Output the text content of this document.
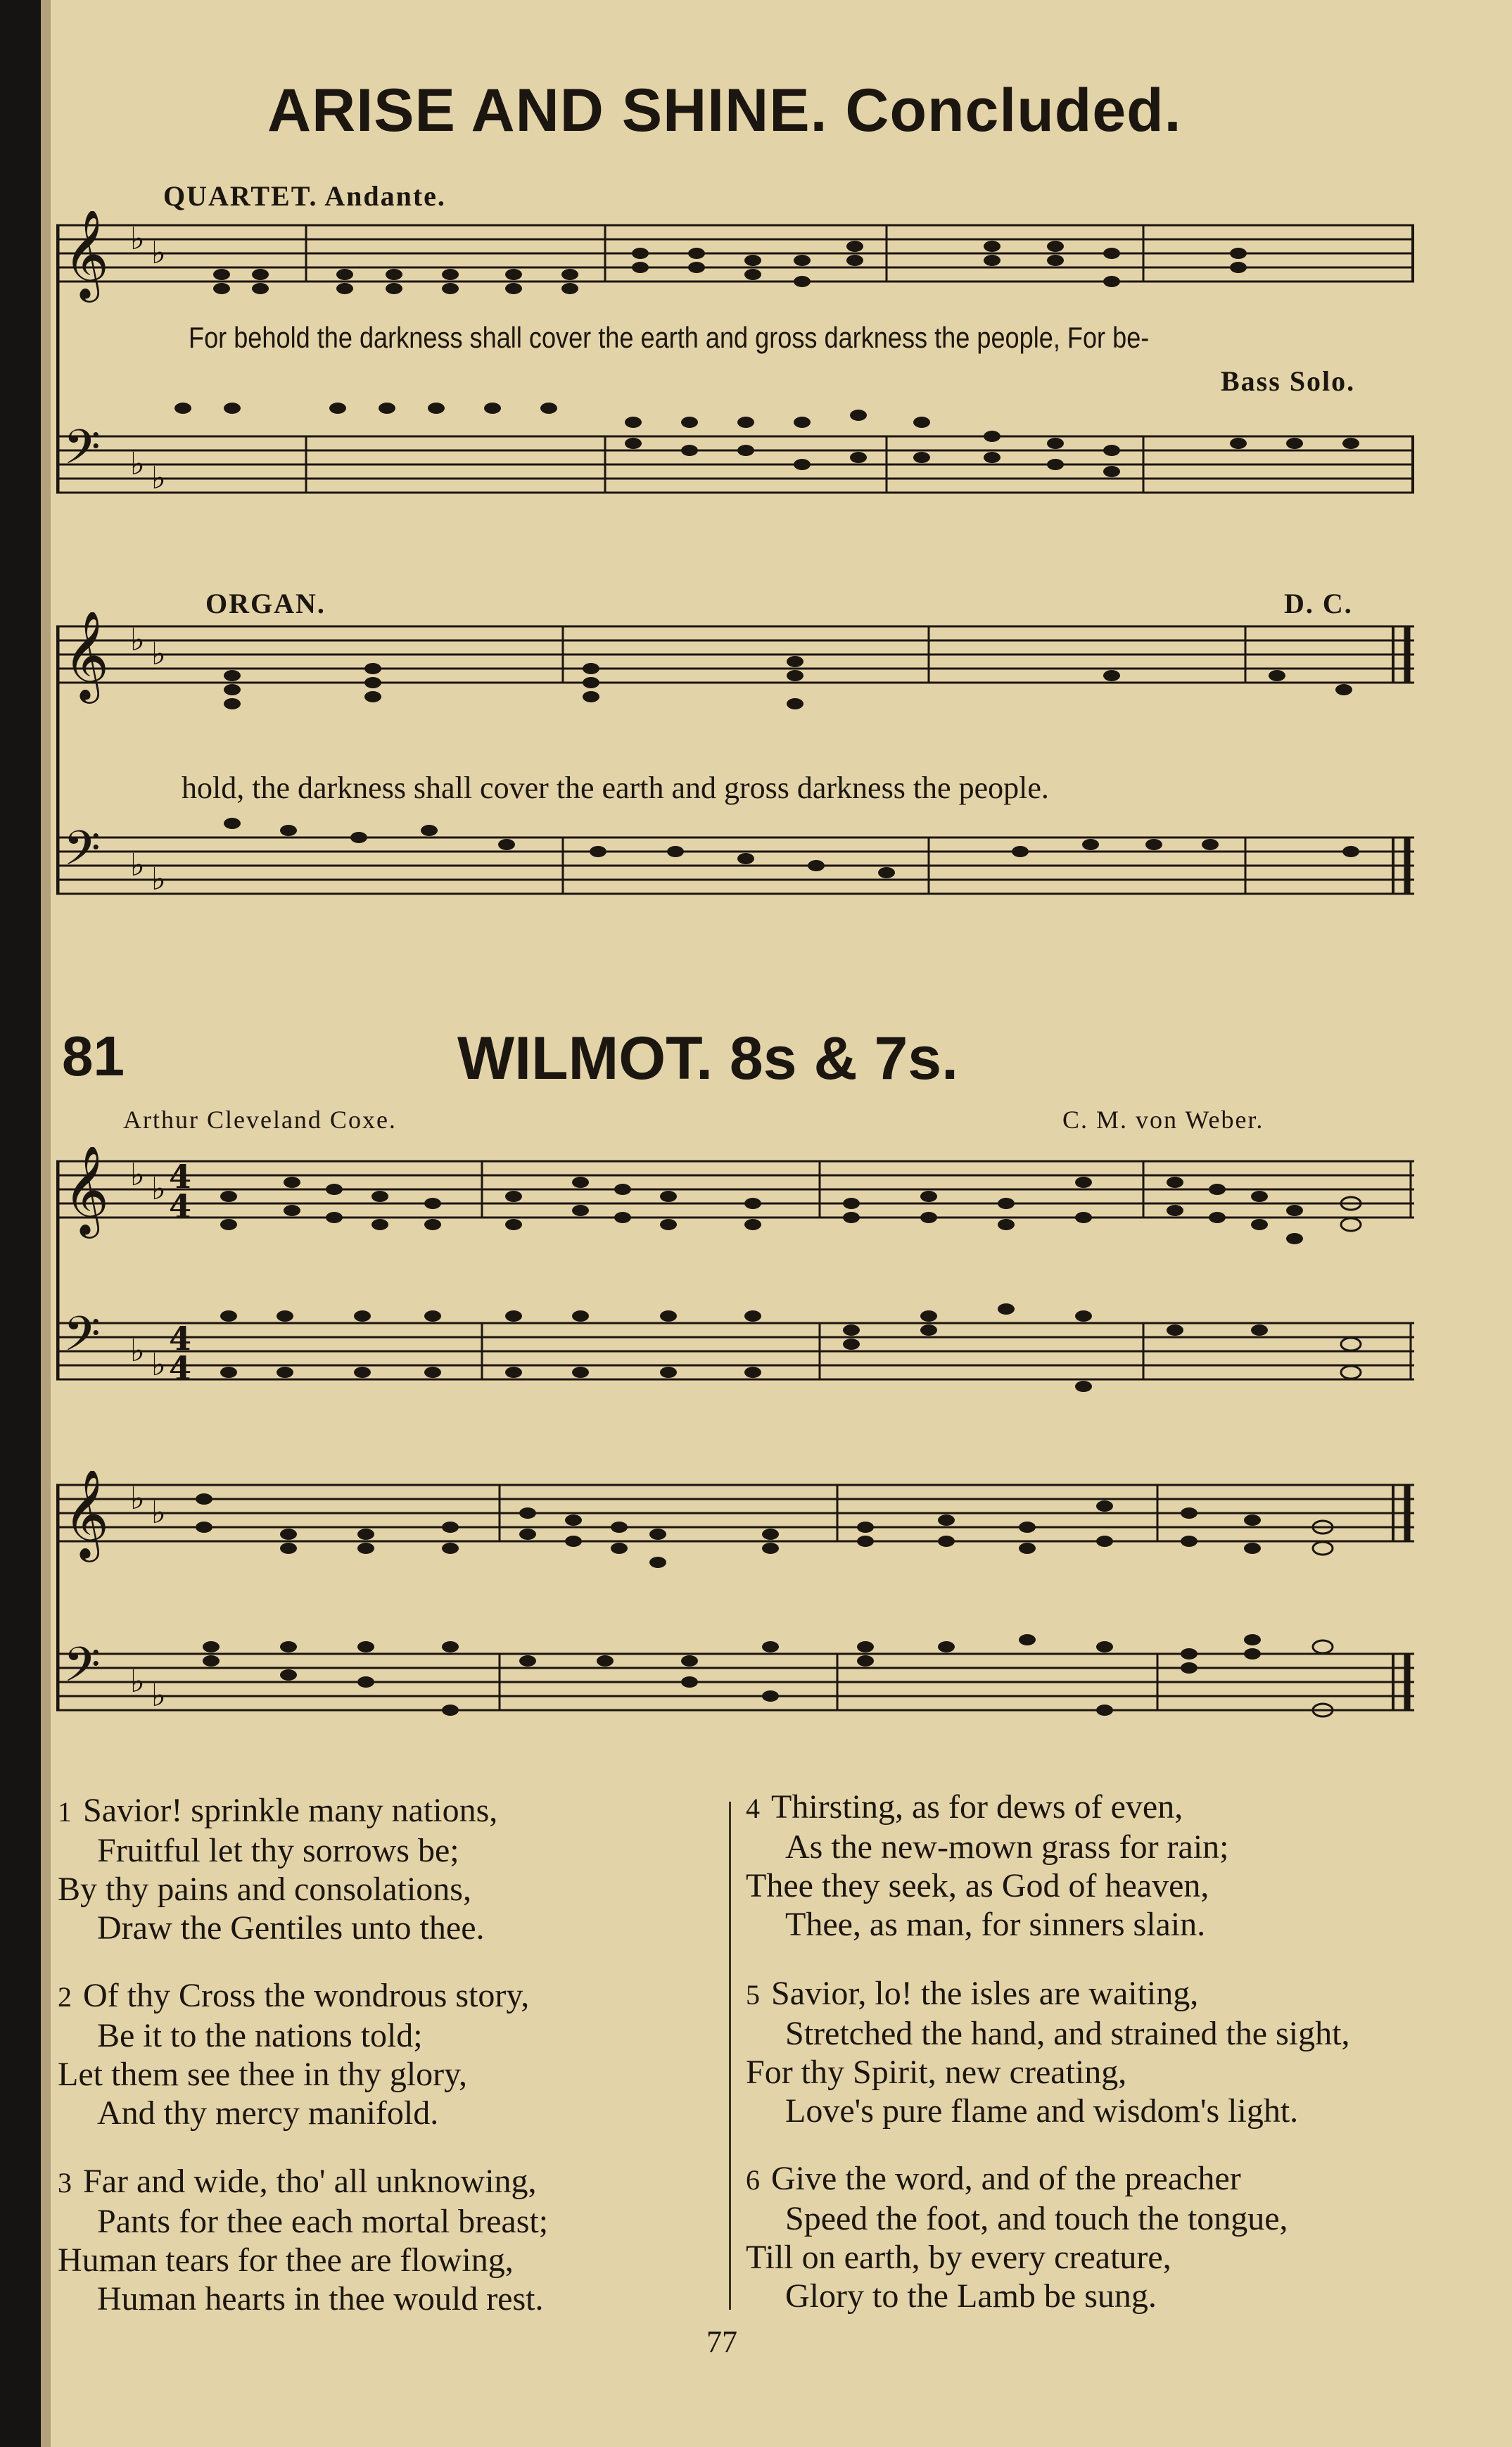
ARISE AND SHINE. Concluded.
QUARTET. Andante.
𝄞
𝄢
♭ ♭
♭ ♭
For behold the darkness shall cover the earth and gross darkness the people, For be-
Bass Solo.
ORGAN.	D. C.
𝄞
𝄢
♭ ♭
♭ ♭
hold, the darkness shall cover the earth and gross darkness the people.
81	WILMOT. 8s & 7s.
Arthur Cleveland Coxe.	C. M. von Weber.
𝄞
𝄢
♭ ♭
♭ ♭
4
4
4
4
𝄞
𝄢
♭ ♭
♭ ♭
1 Savior! sprinkle many nations,
Fruitful let thy sorrows be;
By thy pains and consolations,
Draw the Gentiles unto thee.
2 Of thy Cross the wondrous story,
Be it to the nations told;
Let them see thee in thy glory,
And thy mercy manifold.
3 Far and wide, tho' all unknowing,
Pants for thee each mortal breast;
Human tears for thee are flowing,
Human hearts in thee would rest.
4 Thirsting, as for dews of even,
As the new-mown grass for rain;
Thee they seek, as God of heaven,
Thee, as man, for sinners slain.
5 Savior, lo! the isles are waiting,
Stretched the hand, and strained the sight,
For thy Spirit, new creating,
Love's pure flame and wisdom's light.
6 Give the word, and of the preacher
Speed the foot, and touch the tongue,
Till on earth, by every creature,
Glory to the Lamb be sung.
77
